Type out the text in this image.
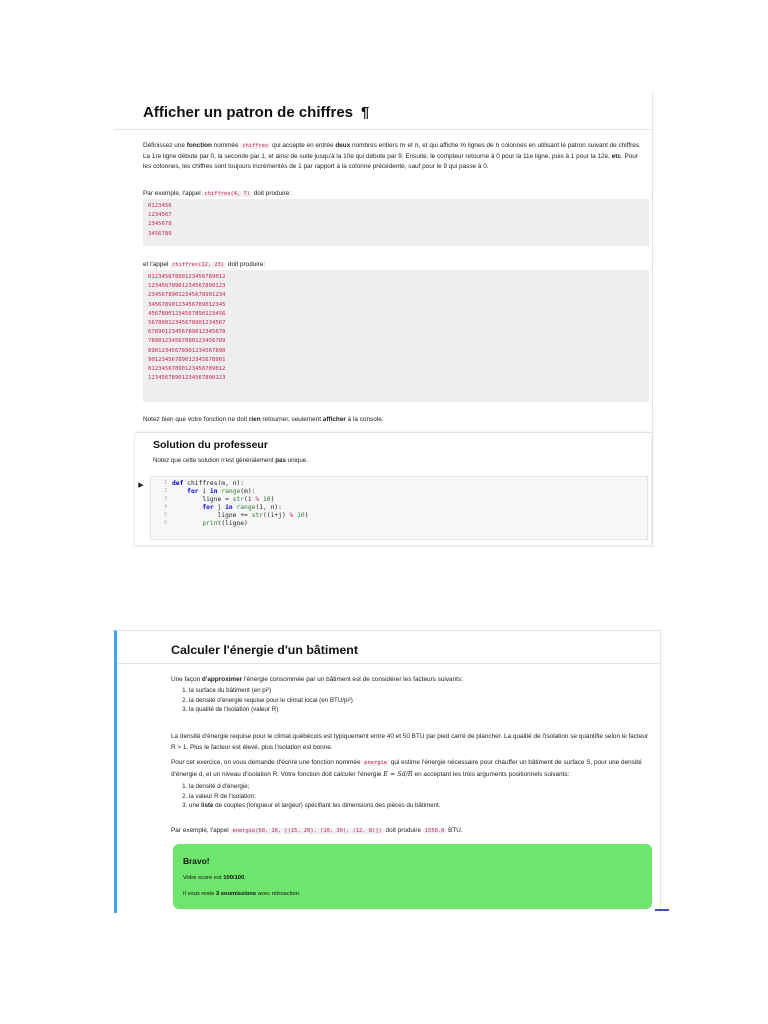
Afficher un patron de chiffres ¶

Définissez une fonction nommée chiffres qui accepte en entrée deux nombres entiers m et n, et qui affiche m lignes de n colonnes en utilisant le patron suivant de chiffres. La 1re ligne débute par 0, la seconde par 1, et ainsi de suite jusqu'à la 10e qui débute par 9. Ensuite, le compteur retourne à 0 pour la 11e ligne, puis à 1 pour la 12e, etc. Pour les colonnes, les chiffres sont toujours incrémentés de 1 par rapport à la colonne précédente, sauf pour le 9 qui passe à 0.

Par exemple, l'appel chiffres(4, 7) doit produire:

0123456
1234567
2345678
3456789

et l'appel chiffres(12, 23) doit produire:

01234567890123456789012
12345678901234567890123
23456789012345678901234
34567890123456789012345
45678901234567890123456
56789012345678901234567
67890123456789012345678
78901234567890123456789
89012345678901234567890
90123456789012345678901
01234567890123456789012
12345678901234567890123

Notez bien que votre fonction ne doit rien retourner, seulement afficher à la console.

Solution du professeur
Notez que cette solution n'est généralement pas unique.
▶	1
2
3
4
5
6
def chiffres(m, n):
for i in range(m):
ligne = str(i % 10)
for j in range(1, n):
ligne += str((i+j) % 10)
print(ligne)
Calculer l'énergie d'un bâtiment

Une façon d'approximer l'énergie consommée par un bâtiment est de considérer les facteurs suivants:

1. la surface du bâtiment (en pi²)
2. la densité d'énergie requise pour le climat local (en BTU/pi²)
3. la qualité de l'isolation (valeur R)

La densité d'énergie requise pour le climat québécois est typiquement entre 40 et 50 BTU par pied carré de plancher. La qualité de l'isolation se quantifie selon le facteur R > 1. Plus le facteur est élevé, plus l'isolation est bonne.

Pour cet exercice, on vous demande d'écrire une fonction nommée energie qui estime l'énergie nécessaire pour chauffer un bâtiment de surface S, pour une densité d'énergie d, et un niveau d'isolation R. Votre fonction doit calculer l'énergie E = Sd/R en acceptant les trois arguments positionnels suivants:

1. la densité d d'énergie;
2. la valeur R de l'isolation;
3. une liste de couples (longueur et largeur) spécifiant les dimensions des pièces du bâtiment.

Par exemple, l'appel energie(50, 16, [(15, 20), (10, 30), (12, 8)]) doit produire 1550.0 BTU.

Bravo!
Votre score est 100/100.
Il vous reste 3 soumissions avec rétroaction.
